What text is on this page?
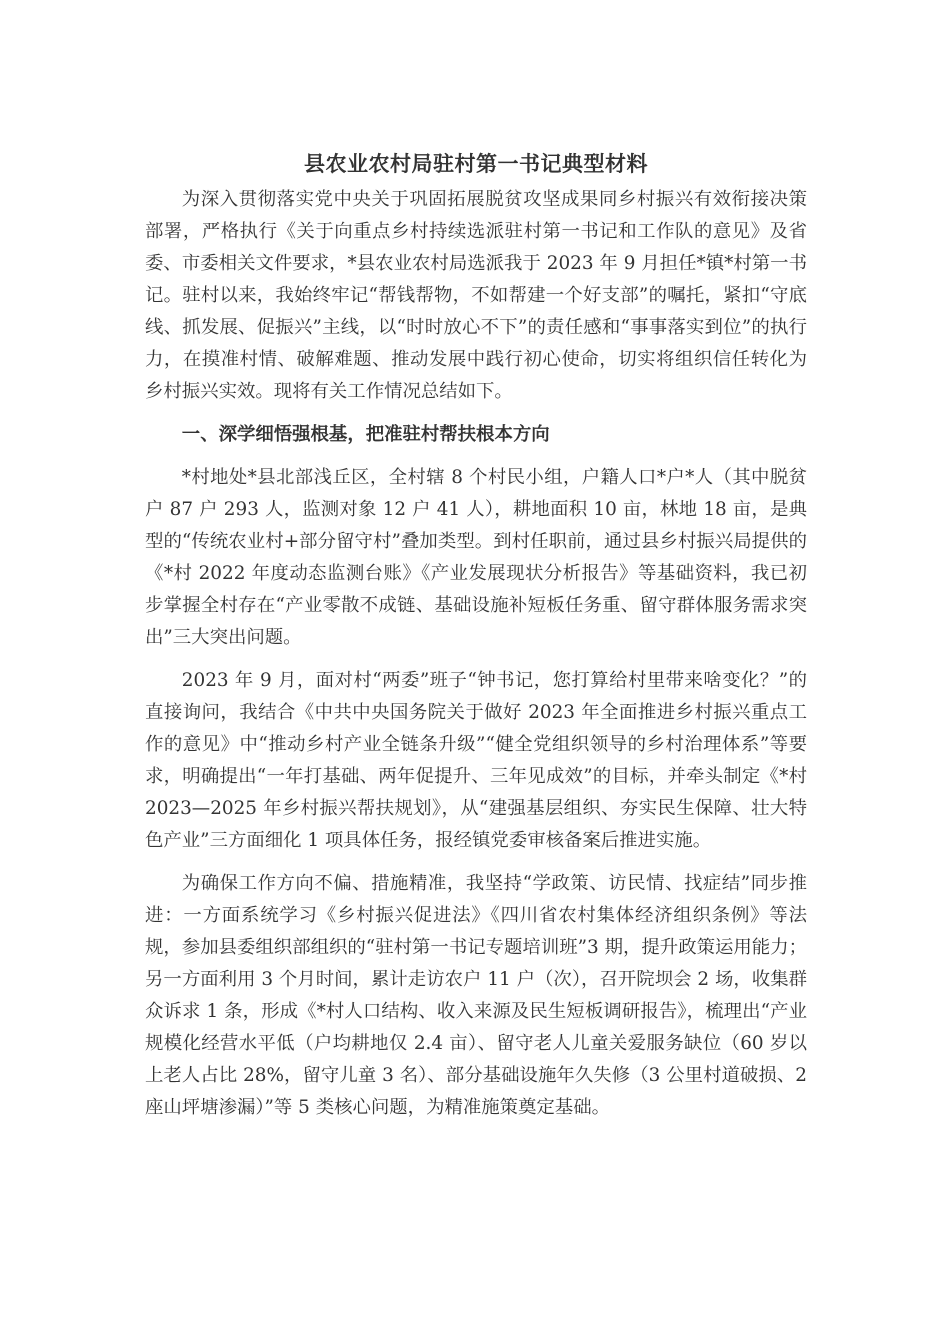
县农业农村局驻村第一书记典型材料

为深入贯彻落实党中央关于巩固拓展脱贫攻坚成果同乡村振兴有效衔接决策部署，严格执行《关于向重点乡村持续选派驻村第一书记和工作队的意见》及省委、市委相关文件要求，*县农业农村局选派我于 2023 年 9 月担任*镇*村第一书记。驻村以来，我始终牢记“帮钱帮物，不如帮建一个好支部”的嘱托，紧扣“守底线、抓发展、促振兴”主线，以“时时放心不下”的责任感和“事事落实到位”的执行力，在摸准村情、破解难题、推动发展中践行初心使命，切实将组织信任转化为乡村振兴实效。现将有关工作情况总结如下。

一、深学细悟强根基，把准驻村帮扶根本方向

*村地处*县北部浅丘区，全村辖 8 个村民小组，户籍人口*户*人（其中脱贫户 87 户 293 人，监测对象 12 户 41 人），耕地面积 10 亩，林地 18 亩，是典型的“传统农业村+部分留守村”叠加类型。到村任职前，通过县乡村振兴局提供的《*村 2022 年度动态监测台账》《产业发展现状分析报告》等基础资料，我已初步掌握全村存在“产业零散不成链、基础设施补短板任务重、留守群体服务需求突出”三大突出问题。

2023 年 9 月，面对村“两委”班子“钟书记，您打算给村里带来啥变化？”的直接询问，我结合《中共中央国务院关于做好 2023 年全面推进乡村振兴重点工作的意见》中“推动乡村产业全链条升级”“健全党组织领导的乡村治理体系”等要求，明确提出“一年打基础、两年促提升、三年见成效”的目标，并牵头制定《*村 2023—2025 年乡村振兴帮扶规划》，从“建强基层组织、夯实民生保障、壮大特色产业”三方面细化 1 项具体任务，报经镇党委审核备案后推进实施。

为确保工作方向不偏、措施精准，我坚持“学政策、访民情、找症结”同步推进：一方面系统学习《乡村振兴促进法》《四川省农村集体经济组织条例》等法规，参加县委组织部组织的“驻村第一书记专题培训班”3 期，提升政策运用能力；另一方面利用 3 个月时间，累计走访农户 11 户（次），召开院坝会 2 场，收集群众诉求 1 条，形成《*村人口结构、收入来源及民生短板调研报告》，梳理出“产业规模化经营水平低（户均耕地仅 2.4 亩）、留守老人儿童关爱服务缺位（60 岁以上老人占比 28%，留守儿童 3 名）、部分基础设施年久失修（3 公里村道破损、2 座山坪塘渗漏）”等 5 类核心问题，为精准施策奠定基础。
